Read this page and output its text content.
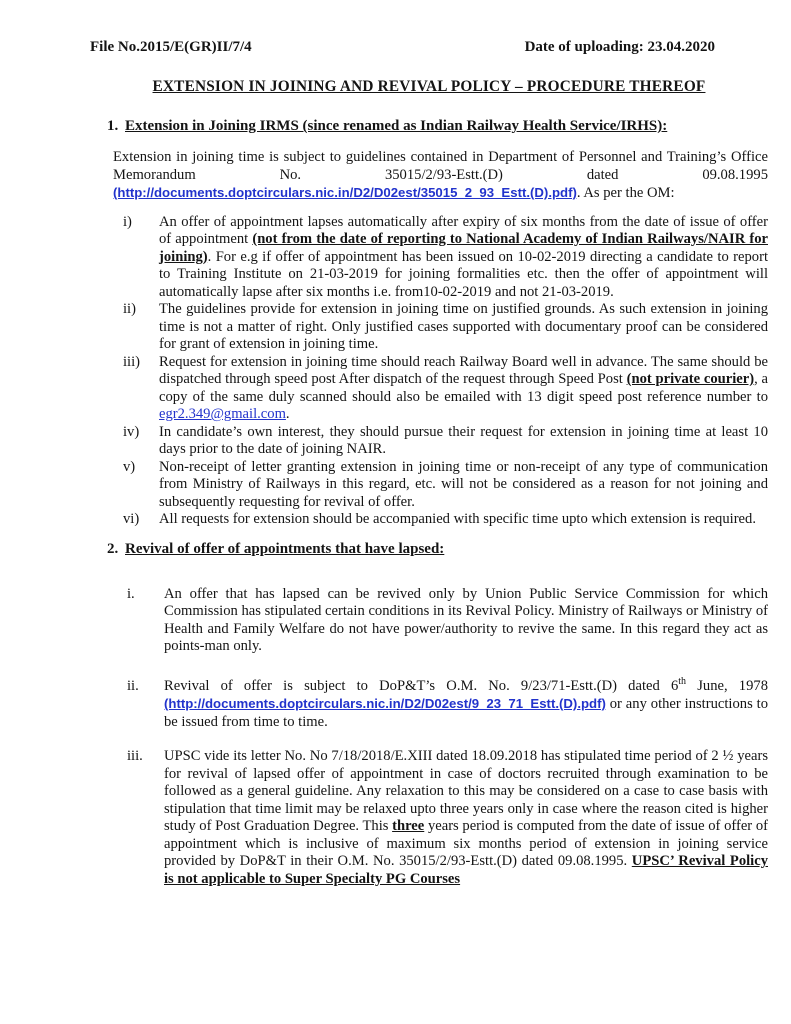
File No.2015/E(GR)II/7/4	Date of uploading: 23.04.2020
EXTENSION IN JOINING AND REVIVAL POLICY – PROCEDURE THEREOF
1. Extension in Joining IRMS (since renamed as Indian Railway Health Service/IRHS):

Extension in joining time is subject to guidelines contained in Department of Personnel and Training’s Office Memorandum No. 35015/2/93-Estt.(D) dated 09.08.1995 (http://documents.doptcirculars.nic.in/D2/D02est/35015_2_93_Estt.(D).pdf). As per the OM:

i)	An offer of appointment lapses automatically after expiry of six months from the date of issue of offer of appointment (not from the date of reporting to National Academy of Indian Railways/NAIR for joining). For e.g if offer of appointment has been issued on 10-02-2019 directing a candidate to report to Training Institute on 21-03-2019 for joining formalities etc. then the offer of appointment will automatically lapse after six months i.e. from10-02-2019 and not 21-03-2019.

ii)	The guidelines provide for extension in joining time on justified grounds. As such extension in joining time is not a matter of right. Only justified cases supported with documentary proof can be considered for grant of extension in joining time.

iii)	Request for extension in joining time should reach Railway Board well in advance. The same should be dispatched through speed post After dispatch of the request through Speed Post (not private courier), a copy of the same duly scanned should also be emailed with 13 digit speed post reference number to egr2.349@gmail.com.

iv)	In candidate’s own interest, they should pursue their request for extension in joining time at least 10 days prior to the date of joining NAIR.

v)	Non-receipt of letter granting extension in joining time or non-receipt of any type of communication from Ministry of Railways in this regard, etc. will not be considered as a reason for not joining and subsequently requesting for revival of offer.

vi)	All requests for extension should be accompanied with specific time upto which extension is required.

2. Revival of offer of appointments that have lapsed:
i.	An offer that has lapsed can be revived only by Union Public Service Commission for which Commission has stipulated certain conditions in its Revival Policy. Ministry of Railways or Ministry of Health and Family Welfare do not have power/authority to revive the same. In this regard they act as points-man only.

ii.	Revival of offer is subject to DoP&T’s O.M. No. 9/23/71-Estt.(D) dated 6th June, 1978 (http://documents.doptcirculars.nic.in/D2/D02est/9_23_71_Estt.(D).pdf) or any other instructions to be issued from time to time.

iii.	UPSC vide its letter No. No 7/18/2018/E.XIII dated 18.09.2018 has stipulated time period of 2 ½ years for revival of lapsed offer of appointment in case of doctors recruited through examination to be followed as a general guideline. Any relaxation to this may be considered on a case to case basis with stipulation that time limit may be relaxed upto three years only in case where the reason cited is higher study of Post Graduation Degree. This three years period is computed from the date of issue of offer of appointment which is inclusive of maximum six months period of extension in joining service provided by DoP&T in their O.M. No. 35015/2/93-Estt.(D) dated 09.08.1995. UPSC’ Revival Policy is not applicable to Super Specialty PG Courses
